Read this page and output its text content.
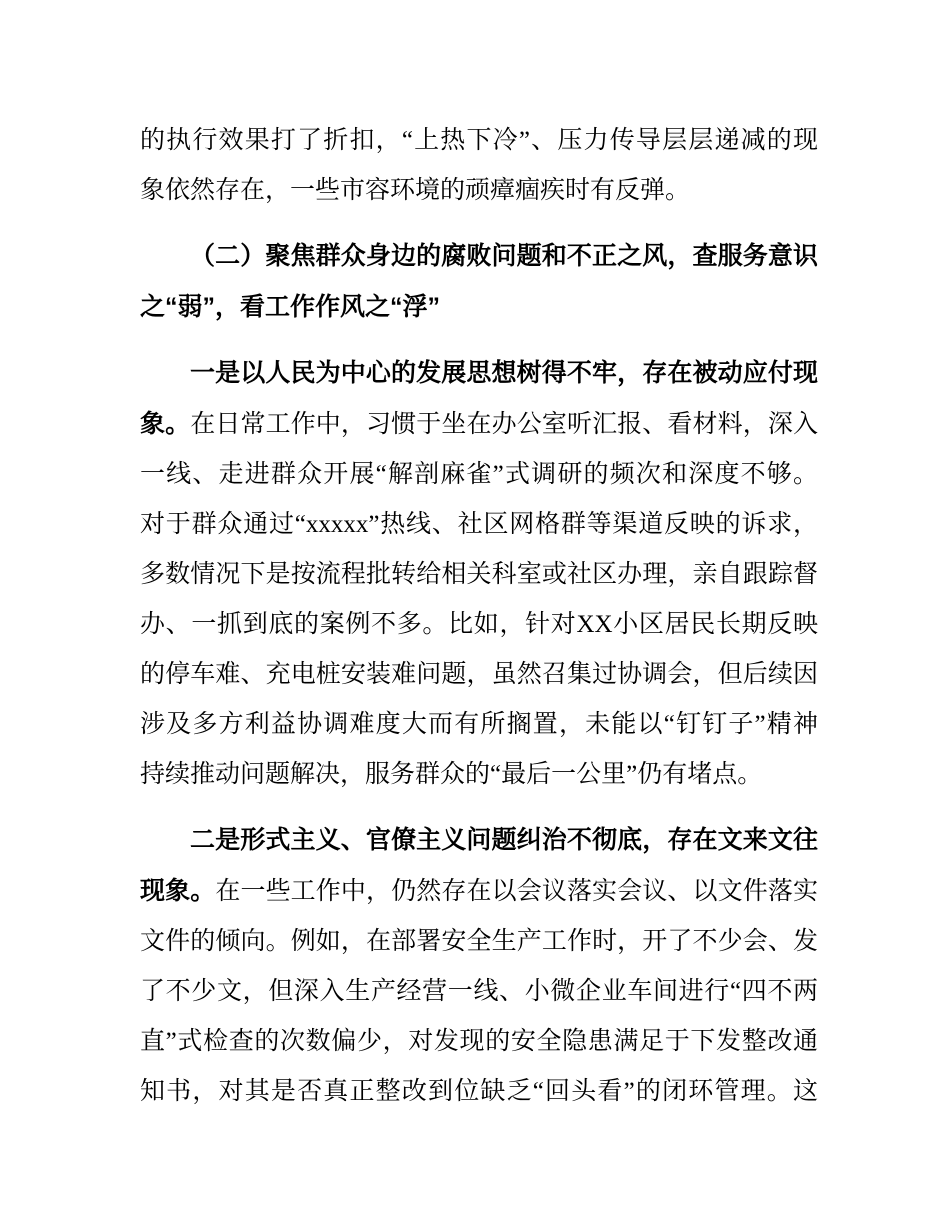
的执行效果打了折扣，“上热下冷”、压力传导层层递减的现
象依然存在，一些市容环境的顽瘴痼疾时有反弹。
（二）聚焦群众身边的腐败问题和不正之风，查服务意识
之“弱”，看工作作风之“浮”
一是以人民为中心的发展思想树得不牢，存在被动应付现
象。在日常工作中，习惯于坐在办公室听汇报、看材料，深入
一线、走进群众开展“解剖麻雀”式调研的频次和深度不够。
对于群众通过“xxxxx”热线、社区网格群等渠道反映的诉求，
多数情况下是按流程批转给相关科室或社区办理，亲自跟踪督
办、一抓到底的案例不多。比如，针对XX小区居民长期反映
的停车难、充电桩安装难问题，虽然召集过协调会，但后续因
涉及多方利益协调难度大而有所搁置，未能以“钉钉子”精神
持续推动问题解决，服务群众的“最后一公里”仍有堵点。
二是形式主义、官僚主义问题纠治不彻底，存在文来文往
现象。在一些工作中，仍然存在以会议落实会议、以文件落实
文件的倾向。例如，在部署安全生产工作时，开了不少会、发
了不少文，但深入生产经营一线、小微企业车间进行“四不两
直”式检查的次数偏少，对发现的安全隐患满足于下发整改通
知书，对其是否真正整改到位缺乏“回头看”的闭环管理。这
